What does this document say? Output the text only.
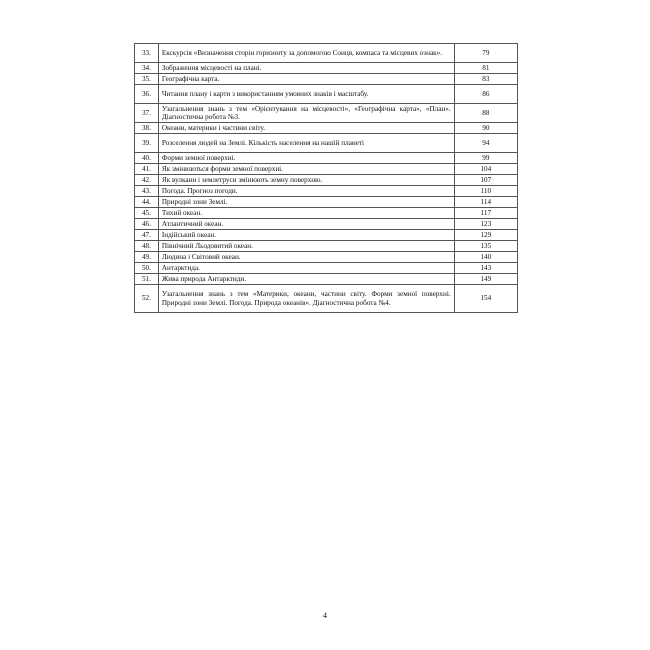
33.	Екскурсія «Визначення сторін горизонту за допомогою Сонця, компаса та місцевих ознак».	79
34.	Зображення місцевості на плані.	81
35.	Географічна карта.	83
36.	Читання плану і карти з використанням умовних знаків і масштабу.	86
37.	Узагальнення знань з тем «Орієнтування на місцевості», «Географічна карта», «План». Діагностична робота №3.	88
38.	Океани, материки і частини світу.	90
39.	Розселення людей на Землі. Кількість населення на нашій планеті	94
40.	Форми земної поверхні.	99
41.	Як змінюються форми земної поверхні.	104
42.	Як вулкани і землетруси змінюють земну поверхню.	107
43.	Погода. Прогноз погоди.	110
44.	Природні зони Землі.	114
45.	Тихий океан.	117
46.	Атлантичний океан.	123
47.	Індійський океан.	129
48.	Північний Льодовитий океан.	135
49.	Людина і Світовий океан.	140
50.	Антарктида.	143
51.	Жива природа Антарктиди.	149
52.	Узагальнення знань з тем «Материки, океани, частини світу. Форми земної поверхні. Природні зони Землі. Погода. Природа океанів». Діагностична робота №4.	154
4
